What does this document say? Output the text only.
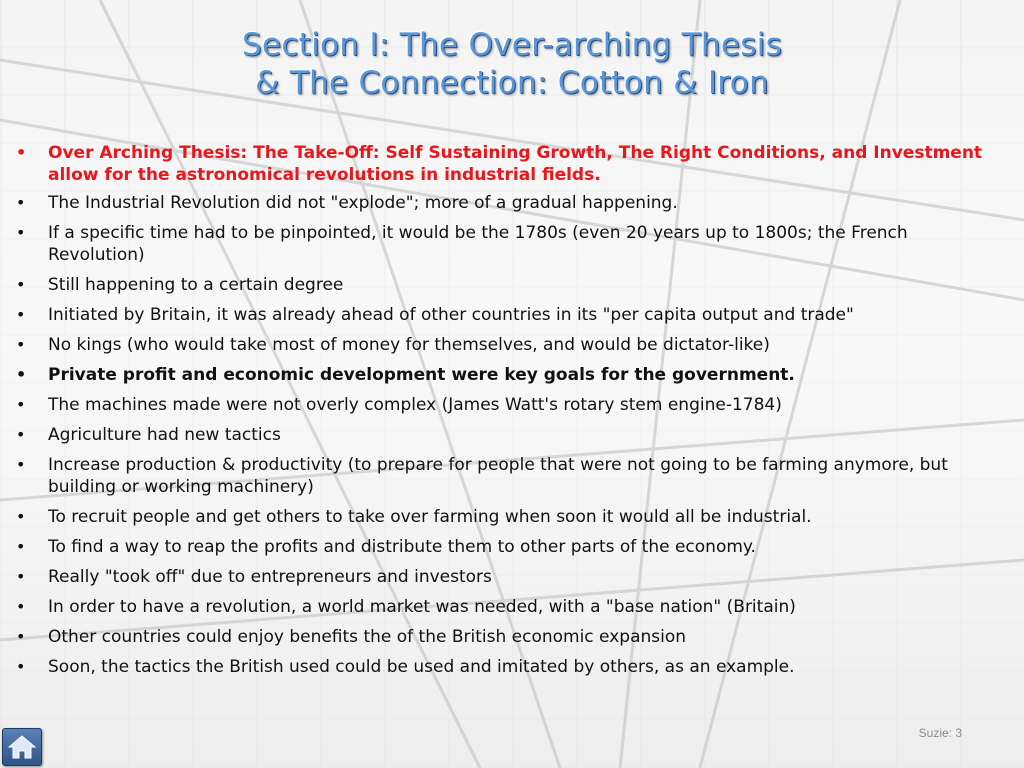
Section I: The Over-arching Thesis
& The Connection: Cotton & Iron
• Over Arching Thesis: The Take-Off: Self Sustaining Growth, The Right Conditions, and Investment allow for the astronomical revolutions in industrial fields.
• The Industrial Revolution did not "explode"; more of a gradual happening.
• If a specific time had to be pinpointed, it would be the 1780s (even 20 years up to 1800s; the French Revolution)
• Still happening to a certain degree
• Initiated by Britain, it was already ahead of other countries in its "per capita output and trade"
• No kings (who would take most of money for themselves, and would be dictator-like)
• Private profit and economic development were key goals for the government.
• The machines made were not overly complex (James Watt's rotary stem engine-1784)
• Agriculture had new tactics
• Increase production & productivity (to prepare for people that were not going to be farming anymore, but building or working machinery)
• To recruit people and get others to take over farming when soon it would all be industrial.
• To find a way to reap the profits and distribute them to other parts of the economy.
• Really "took off" due to entrepreneurs and investors
• In order to have a revolution, a world market was needed, with a "base nation" (Britain)
• Other countries could enjoy benefits the of the British economic expansion
• Soon, the tactics the British used could be used and imitated by others, as an example.
Suzie: 3
